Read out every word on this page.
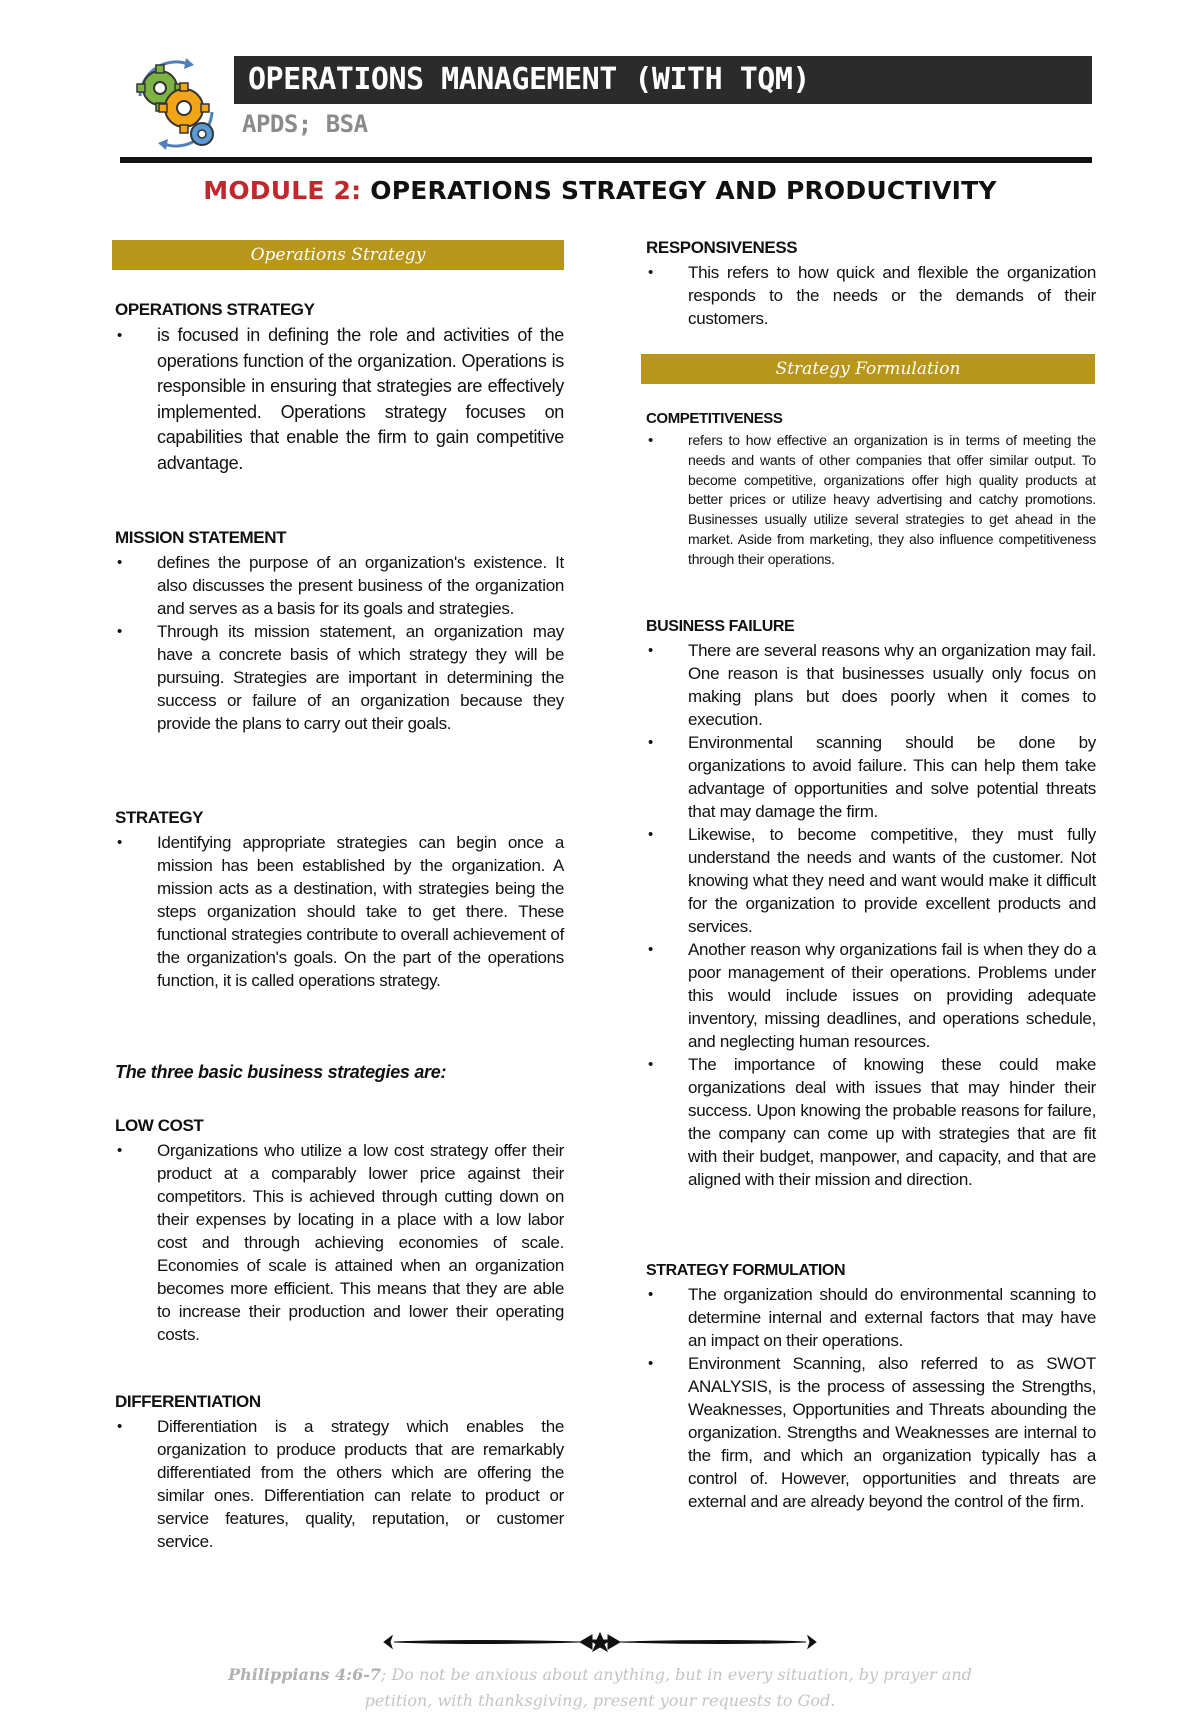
OPERATIONS MANAGEMENT (WITH TQM)
APDS; BSA
MODULE 2: OPERATIONS STRATEGY AND PRODUCTIVITY
Operations Strategy

OPERATIONS STRATEGY

• is focused in defining the role and activities of the operations function of the organization. Operations is responsible in ensuring that strategies are effectively implemented. Operations strategy focuses on capabilities that enable the firm to gain competitive advantage.

MISSION STATEMENT

• defines the purpose of an organization's existence. It also discusses the present business of the organization and serves as a basis for its goals and strategies.
• Through its mission statement, an organization may have a concrete basis of which strategy they will be pursuing. Strategies are important in determining the success or failure of an organization because they provide the plans to carry out their goals.

STRATEGY

• Identifying appropriate strategies can begin once a mission has been established by the organization. A mission acts as a destination, with strategies being the steps organization should take to get there. These functional strategies contribute to overall achievement of the organization's goals. On the part of the operations function, it is called operations strategy.
The three basic business strategies are:

LOW COST

• Organizations who utilize a low cost strategy offer their product at a comparably lower price against their competitors. This is achieved through cutting down on their expenses by locating in a place with a low labor cost and through achieving economies of scale. Economies of scale is attained when an organization becomes more efficient. This means that they are able to increase their production and lower their operating costs.

DIFFERENTIATION

• Differentiation is a strategy which enables the organization to produce products that are remarkably differentiated from the others which are offering the similar ones. Differentiation can relate to product or service features, quality, reputation, or customer service.

RESPONSIVENESS

• This refers to how quick and flexible the organization responds to the needs or the demands of their customers.
Strategy Formulation

COMPETITIVENESS

• refers to how effective an organization is in terms of meeting the needs and wants of other companies that offer similar output. To become competitive, organizations offer high quality products at better prices or utilize heavy advertising and catchy promotions. Businesses usually utilize several strategies to get ahead in the market. Aside from marketing, they also influence competitiveness through their operations.

BUSINESS FAILURE

• There are several reasons why an organization may fail. One reason is that businesses usually only focus on making plans but does poorly when it comes to execution.
• Environmental scanning should be done by organizations to avoid failure. This can help them take advantage of opportunities and solve potential threats that may damage the firm.
• Likewise, to become competitive, they must fully understand the needs and wants of the customer. Not knowing what they need and want would make it difficult for the organization to provide excellent products and services.
• Another reason why organizations fail is when they do a poor management of their operations. Problems under this would include issues on providing adequate inventory, missing deadlines, and operations schedule, and neglecting human resources.
• The importance of knowing these could make organizations deal with issues that may hinder their success. Upon knowing the probable reasons for failure, the company can come up with strategies that are fit with their budget, manpower, and capacity, and that are aligned with their mission and direction.

STRATEGY FORMULATION

• The organization should do environmental scanning to determine internal and external factors that may have an impact on their operations.
• Environment Scanning, also referred to as SWOT ANALYSIS, is the process of assessing the Strengths, Weaknesses, Opportunities and Threats abounding the organization. Strengths and Weaknesses are internal to the firm, and which an organization typically has a control of. However, opportunities and threats are external and are already beyond the control of the firm.
Philippians 4:6-7; Do not be anxious about anything, but in every situation, by prayer and
petition, with thanksgiving, present your requests to God.
